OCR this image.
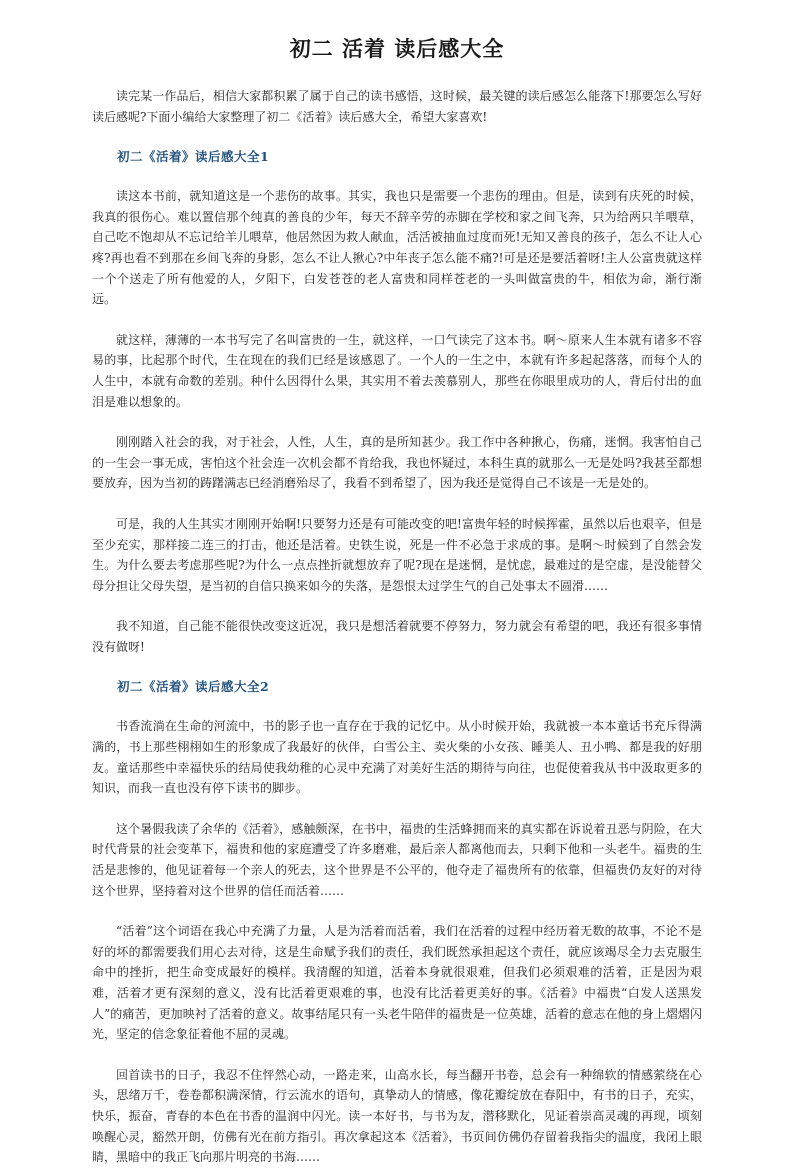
初二 活着 读后感大全

读完某一作品后，相信大家都积累了属于自己的读书感悟，这时候，最关键的读后感怎么能落下!那要怎么写好读后感呢?下面小编给大家整理了初二《活着》读后感大全，希望大家喜欢!

初二《活着》读后感大全1

读这本书前，就知道这是一个悲伤的故事。其实，我也只是需要一个悲伤的理由。但是，读到有庆死的时候，我真的很伤心。难以置信那个纯真的善良的少年，每天不辞辛劳的赤脚在学校和家之间飞奔，只为给两只羊喂草，自己吃不饱却从不忘记给羊儿喂草，他居然因为救人献血，活活被抽血过度而死!无知又善良的孩子，怎么不让人心疼?再也看不到那在乡间飞奔的身影，怎么不让人揪心?中年丧子怎么能不痛?!可是还是要活着呀!主人公富贵就这样一个个送走了所有他爱的人，夕阳下，白发苍苍的老人富贵和同样苍老的一头叫做富贵的牛，相依为命，渐行渐远。

就这样，薄薄的一本书写完了名叫富贵的一生，就这样，一口气读完了这本书。啊～原来人生本就有诸多不容易的事，比起那个时代，生在现在的我们已经是该感恩了。一个人的一生之中，本就有许多起起落落，而每个人的人生中，本就有命数的差别。种什么因得什么果，其实用不着去羡慕别人，那些在你眼里成功的人，背后付出的血泪是难以想象的。

刚刚踏入社会的我，对于社会，人性，人生，真的是所知甚少。我工作中各种揪心，伤痛，迷惘。我害怕自己的一生会一事无成，害怕这个社会连一次机会都不肯给我，我也怀疑过，本科生真的就那么一无是处吗?我甚至都想要放弃，因为当初的踌躇满志已经消磨殆尽了，我看不到希望了，因为我还是觉得自己不该是一无是处的。

可是，我的人生其实才刚刚开始啊!只要努力还是有可能改变的吧!富贵年轻的时候挥霍，虽然以后也艰辛，但是至少充实，那样接二连三的打击，他还是活着。史铁生说，死是一件不必急于求成的事。是啊～时候到了自然会发生。为什么要去考虑那些呢?为什么一点点挫折就想放弃了呢?现在是迷惘，是忧虑，最难过的是空虚，是没能替父母分担让父母失望，是当初的自信只换来如今的失落，是怨恨太过学生气的自己处事太不圆滑……

我不知道，自己能不能很快改变这近况，我只是想活着就要不停努力，努力就会有希望的吧，我还有很多事情没有做呀!

初二《活着》读后感大全2

书香流淌在生命的河流中，书的影子也一直存在于我的记忆中。从小时候开始，我就被一本本童话书充斥得满满的，书上那些栩栩如生的形象成了我最好的伙伴，白雪公主、卖火柴的小女孩、睡美人、丑小鸭、都是我的好朋友。童话那些中幸福快乐的结局使我幼稚的心灵中充满了对美好生活的期待与向往，也促使着我从书中汲取更多的知识，而我一直也没有停下读书的脚步。

这个暑假我读了余华的《活着》，感触颇深，在书中，福贵的生活蜂拥而来的真实都在诉说着丑恶与阴险，在大时代背景的社会变革下，福贵和他的家庭遭受了许多磨难，最后亲人都离他而去，只剩下他和一头老牛。福贵的生活是悲惨的，他见证着每一个亲人的死去，这个世界是不公平的，他夺走了福贵所有的依靠，但福贵仍友好的对待这个世界，坚持着对这个世界的信任而活着……

“活着”这个词语在我心中充满了力量，人是为活着而活着，我们在活着的过程中经历着无数的故事，不论不是好的坏的都需要我们用心去对待，这是生命赋予我们的责任，我们既然承担起这个责任，就应该竭尽全力去克服生命中的挫折，把生命变成最好的模样。我清醒的知道，活着本身就很艰难，但我们必须艰难的活着，正是因为艰难，活着才更有深刻的意义，没有比活着更艰难的事，也没有比活着更美好的事。《活着》中福贵“白发人送黑发人”的痛苦，更加映衬了活着的意义。故事结尾只有一头老牛陪伴的福贵是一位英雄，活着的意志在他的身上熠熠闪光，坚定的信念象征着他不屈的灵魂。

回首读书的日子，我忍不住怦然心动，一路走来，山高水长，每当翻开书卷，总会有一种绵软的情感萦绕在心头，思绪万千，卷卷都积满深情，行云流水的语句，真挚动人的情感，像花瓣绽放在春阳中，有书的日子，充实，快乐，振奋，青春的本色在书香的温润中闪光。读一本好书，与书为友，潜移默化，见证着崇高灵魂的再现，顷刻唤醒心灵，豁然开朗，仿佛有光在前方指引。再次拿起这本《活着》，书页间仿佛仍存留着我指尖的温度，我闭上眼睛，黑暗中的我正飞向那片明亮的书海……
